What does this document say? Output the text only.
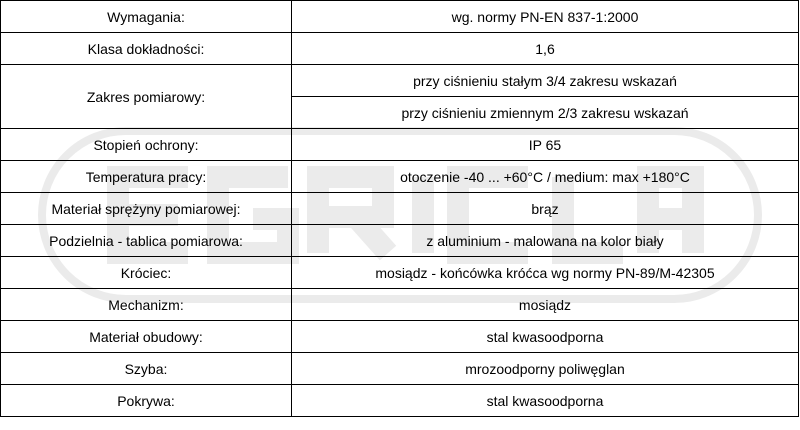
Wymagania:	wg. normy PN-EN 837-1:2000
Klasa dokładności:	1,6
Zakres pomiarowy:	przy ciśnieniu stałym 3/4 zakresu wskazań
	przy ciśnieniu zmiennym 2/3 zakresu wskazań
Stopień ochrony:	IP 65
Temperatura pracy:	otoczenie -40 ... +60°C / medium: max +180°C
Materiał sprężyny pomiarowej:	brąz
Podzielnia - tablica pomiarowa:	z aluminium - malowana na kolor biały
Króciec:	mosiądz - końcówka króćca wg normy PN-89/M-42305
Mechanizm:	mosiądz
Materiał obudowy:	stal kwasoodporna
Szyba:	mrozoodporny poliwęglan
Pokrywa:	stal kwasoodporna
